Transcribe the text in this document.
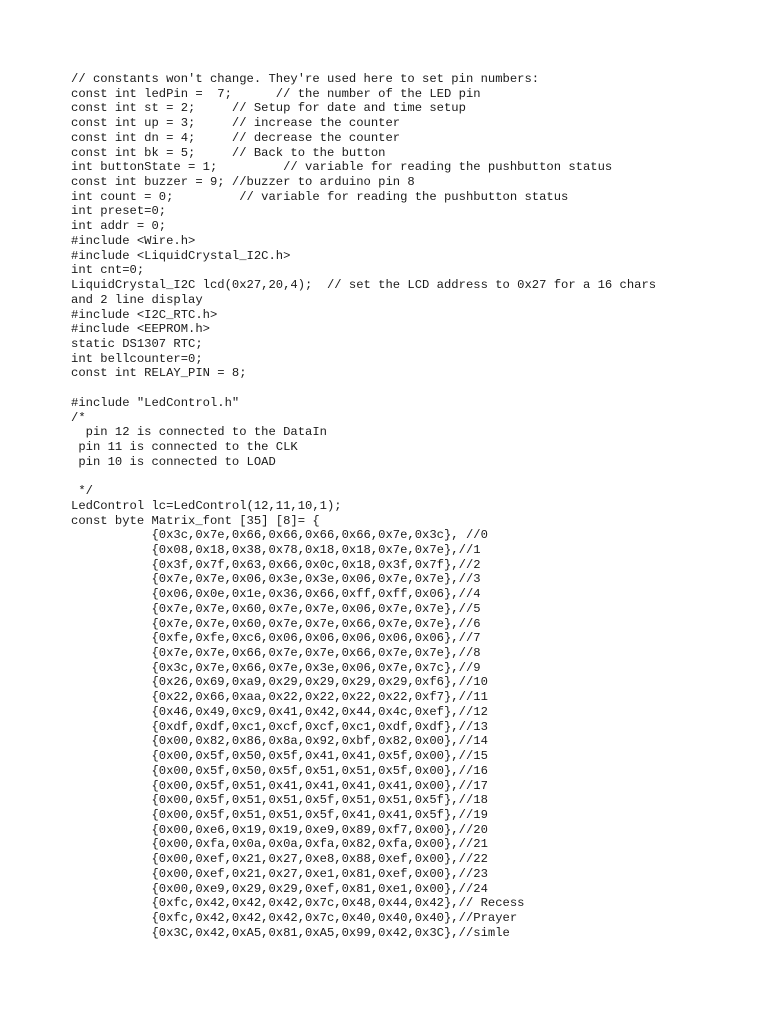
// constants won't change. They're used here to set pin numbers:
const int ledPin =  7;      // the number of the LED pin
const int st = 2;     // Setup for date and time setup
const int up = 3;     // increase the counter
const int dn = 4;     // decrease the counter
const int bk = 5;     // Back to the button
int buttonState = 1;         // variable for reading the pushbutton status
const int buzzer = 9; //buzzer to arduino pin 8
int count = 0;         // variable for reading the pushbutton status
int preset=0;
int addr = 0;
#include <Wire.h>
#include <LiquidCrystal_I2C.h>
int cnt=0;
LiquidCrystal_I2C lcd(0x27,20,4);  // set the LCD address to 0x27 for a 16 chars
and 2 line display
#include <I2C_RTC.h>
#include <EEPROM.h>
static DS1307 RTC;
int bellcounter=0;
const int RELAY_PIN = 8;
#include "LedControl.h"
/*
pin 12 is connected to the DataIn
pin 11 is connected to the CLK
pin 10 is connected to LOAD
*/
LedControl lc=LedControl(12,11,10,1);
const byte Matrix_font [35] [8]= {
{0x3c,0x7e,0x66,0x66,0x66,0x66,0x7e,0x3c}, //0
{0x08,0x18,0x38,0x78,0x18,0x18,0x7e,0x7e},//1
{0x3f,0x7f,0x63,0x66,0x0c,0x18,0x3f,0x7f},//2
{0x7e,0x7e,0x06,0x3e,0x3e,0x06,0x7e,0x7e},//3
{0x06,0x0e,0x1e,0x36,0x66,0xff,0xff,0x06},//4
{0x7e,0x7e,0x60,0x7e,0x7e,0x06,0x7e,0x7e},//5
{0x7e,0x7e,0x60,0x7e,0x7e,0x66,0x7e,0x7e},//6
{0xfe,0xfe,0xc6,0x06,0x06,0x06,0x06,0x06},//7
{0x7e,0x7e,0x66,0x7e,0x7e,0x66,0x7e,0x7e},//8
{0x3c,0x7e,0x66,0x7e,0x3e,0x06,0x7e,0x7c},//9
{0x26,0x69,0xa9,0x29,0x29,0x29,0x29,0xf6},//10
{0x22,0x66,0xaa,0x22,0x22,0x22,0x22,0xf7},//11
{0x46,0x49,0xc9,0x41,0x42,0x44,0x4c,0xef},//12
{0xdf,0xdf,0xc1,0xcf,0xcf,0xc1,0xdf,0xdf},//13
{0x00,0x82,0x86,0x8a,0x92,0xbf,0x82,0x00},//14
{0x00,0x5f,0x50,0x5f,0x41,0x41,0x5f,0x00},//15
{0x00,0x5f,0x50,0x5f,0x51,0x51,0x5f,0x00},//16
{0x00,0x5f,0x51,0x41,0x41,0x41,0x41,0x00},//17
{0x00,0x5f,0x51,0x51,0x5f,0x51,0x51,0x5f},//18
{0x00,0x5f,0x51,0x51,0x5f,0x41,0x41,0x5f},//19
{0x00,0xe6,0x19,0x19,0xe9,0x89,0xf7,0x00},//20
{0x00,0xfa,0x0a,0x0a,0xfa,0x82,0xfa,0x00},//21
{0x00,0xef,0x21,0x27,0xe8,0x88,0xef,0x00},//22
{0x00,0xef,0x21,0x27,0xe1,0x81,0xef,0x00},//23
{0x00,0xe9,0x29,0x29,0xef,0x81,0xe1,0x00},//24
{0xfc,0x42,0x42,0x42,0x7c,0x48,0x44,0x42},// Recess
{0xfc,0x42,0x42,0x42,0x7c,0x40,0x40,0x40},//Prayer
{0x3C,0x42,0xA5,0x81,0xA5,0x99,0x42,0x3C},//simle
